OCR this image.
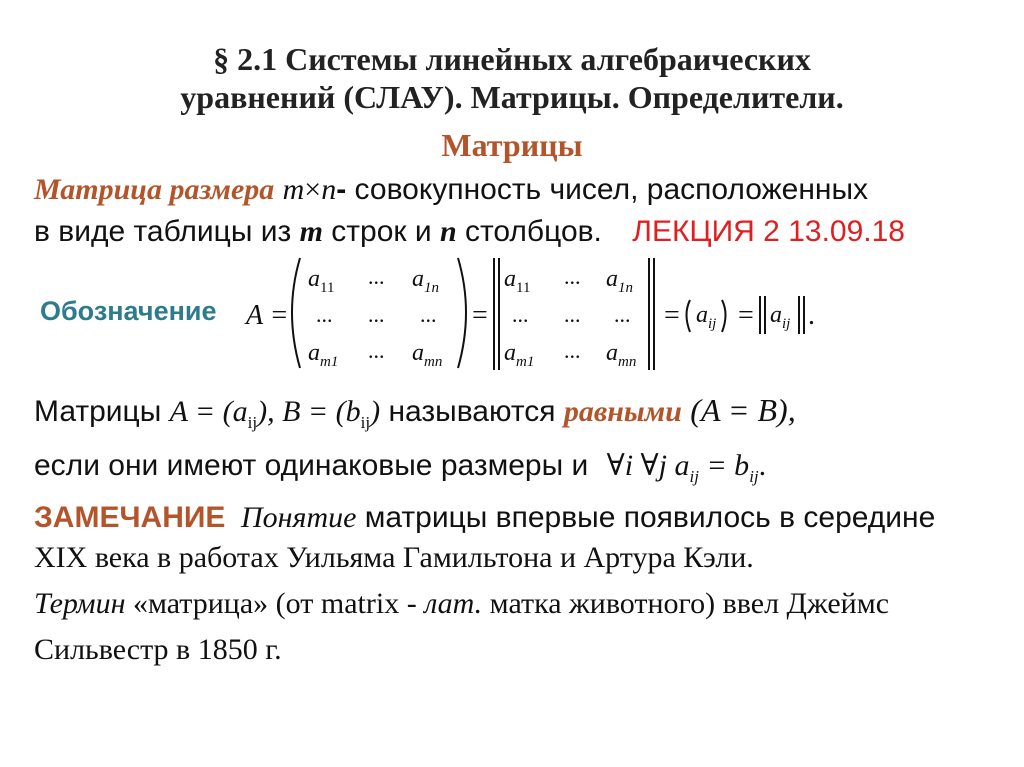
§ 2.1 Системы линейных алгебраических
уравнений (СЛАУ). Матрицы. Определители.
Матрицы
Матрица размера m×n- совокупность чисел, расположенных
в виде таблицы из m строк и n столбцов. ЛЕКЦИЯ 2 13.09.18
Обозначение A =
$a_{11}$ ... $a_{1n}$
... ... ...
$a_{m1}$ ... $a_{mn}$
=
$a_{11}$ ... $a_{1n}$
... ... ...
$a_{m1}$ ... $a_{mn}$
= $a_{ij} = a_{ij}$ .
Матрицы $A = (a_{ij})$, $B = (b_{ij})$ называются равными (A = B),
если они имеют одинаковые размеры и ∀i ∀j $a_{ij} = b_{ij}$.
ЗАМЕЧАНИЕ Понятие матрицы впервые появилось в середине
XIX века в работах Уильяма Гамильтона и Артура Кэли.
Термин «матрица» (от matrix - лат. матка животного) ввел Джеймс
Сильвестр в 1850 г.
